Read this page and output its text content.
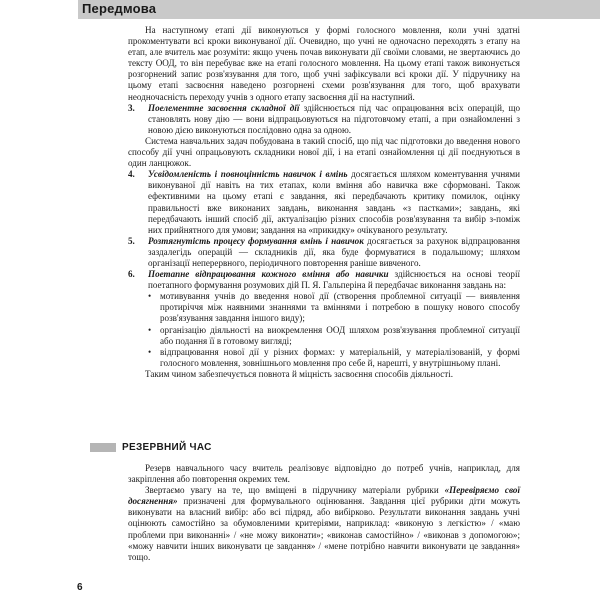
Передмова
На наступному етапі дії виконуються у формі голосного мовлення, коли учні здатні прокоментувати всі кроки виконуваної дії. Очевидно, що учні не одночасно переходять з етапу на етап, але вчитель має розуміти: якщо учень почав виконувати дії своїми словами, не звертаючись до тексту ООД, то він перебуває вже на етапі голосного мовлення. На цьому етапі також виконується розгорнений запис розв'язування для того, щоб учні зафіксували всі кроки дії. У підручнику на цьому етапі засвоєння наведено розгорнені схеми розв'язування для того, щоб врахувати неодночасність переходу учнів з одного етапу засвоєння дії на наступний.
3.	Поелементне засвоєння складної дії здійснюється під час опрацювання всіх операцій, що становлять нову дію — вони відпрацьовуються на підготовчому етапі, а при ознайомленні з новою дією виконуються послідовно одна за одною.
Система навчальних задач побудована в такий спосіб, що під час підготовки до введення нового способу дії учні опрацьовують складники нової дії, і на етапі ознайомлення ці дії поєднуються в один ланцюжок.
4.	Усвідомленість і повноцінність навичок і вмінь досягається шляхом коментування учнями виконуваної дії навіть на тих етапах, коли вміння або навичка вже сформовані. Також ефективними на цьому етапі є завдання, які передбачають критику помилок, оцінку правильності вже виконаних завдань, виконання завдань «з пастками»; завдань, які передбачають інший спосіб дії, актуалізацію різних способів розв'язування та вибір з-поміж них прийнятного для умови; завдання на «прикидку» очікуваного результату.
5.	Розтягнутість процесу формування вмінь і навичок досягається за рахунок відпрацювання заздалегідь операцій — складників дії, яка буде формуватися в подальшому; шляхом організації неперервного, періодичного повторення раніше вивченого.
6.	Поетапне відпрацювання кожного вміння або навички здійснюється на основі теорії поетапного формування розумових дій П. Я. Гальперіна й передбачає виконання завдань на:
• мотивування учнів до введення нової дії (створення проблемної ситуації — виявлення протиріччя між наявними знаннями та вміннями і потребою в пошуку нового способу розв'язування завдання іншого виду);
• організацію діяльності на виокремлення ООД шляхом розв'язування проблемної ситуації або подання її в готовому вигляді;
• відпрацювання нової дії у різних формах: у матеріальній, у матеріалізованій, у формі голосного мовлення, зовнішнього мовлення про себе й, нарешті, у внутрішньому плані.
Таким чином забезпечується повнота й міцність засвоєння способів діяльності.
РЕЗЕРВНИЙ ЧАС
Резерв навчального часу вчитель реалізовує відповідно до потреб учнів, наприклад, для закріплення або повторення окремих тем.
Звертаємо увагу на те, що вміщені в підручнику матеріали рубрики «Перевіряємо свої досягнення» призначені для формувального оцінювання. Завдання цієї рубрики діти можуть виконувати на власний вибір: або всі підряд, або вибірково. Результати виконання завдань учні оцінюють самостійно за обумовленими критеріями, наприклад: «виконую з легкістю» / «маю проблеми при виконанні» / «не можу виконати»; «виконав самостійно» / «виконав з допомогою»; «можу навчити інших виконувати це завдання» / «мене потрібно навчити виконувати це завдання» тощо.
6
